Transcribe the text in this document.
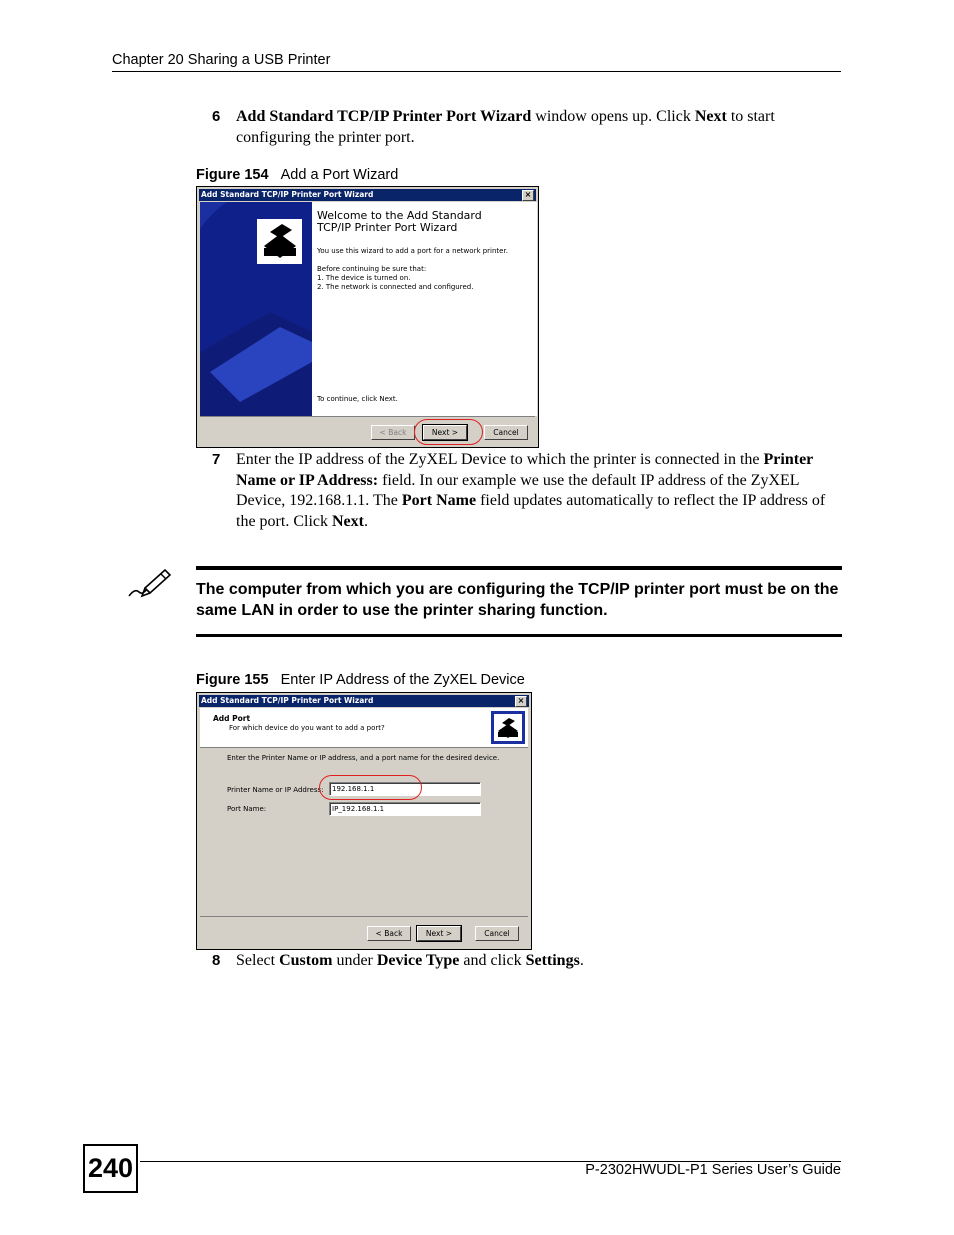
Chapter 20 Sharing a USB Printer
6 Add Standard TCP/IP Printer Port Wizard window opens up. Click Next to start configuring the printer port.
Figure 154 Add a Port Wizard
Add Standard TCP/IP Printer Port Wizard	×
Welcome to the Add Standard
TCP/IP Printer Port Wizard
You use this wizard to add a port for a network printer.
Before continuing be sure that:
1. The device is turned on.
2. The network is connected and configured.
To continue, click Next.
< Back	Next >	Cancel
7 Enter the IP address of the ZyXEL Device to which the printer is connected in the Printer Name or IP Address: field. In our example we use the default IP address of the ZyXEL Device, 192.168.1.1. The Port Name field updates automatically to reflect the IP address of the port. Click Next.
The computer from which you are configuring the TCP/IP printer port must be on the same LAN in order to use the printer sharing function.
Figure 155 Enter IP Address of the ZyXEL Device
Add Standard TCP/IP Printer Port Wizard	×
Add Port
For which device do you want to add a port?
Enter the Printer Name or IP address, and a port name for the desired device.
Printer Name or IP Address:	192.168.1.1
Port Name:	IP_192.168.1.1
< Back	Next >	Cancel
8 Select Custom under Device Type and click Settings.
240	P-2302HWUDL-P1 Series User’s Guide
